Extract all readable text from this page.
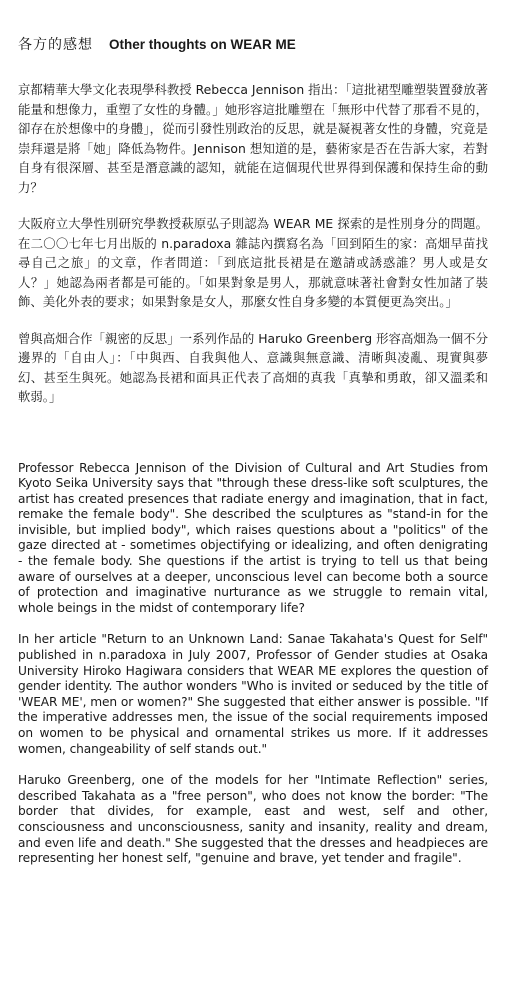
各方的感想 Other thoughts on WEAR ME

京都精華大學文化表現學科教授 Rebecca Jennison 指出：「這批裙型雕塑裝置發放著能量和想像力，重塑了女性的身體。」她形容這批雕塑在「無形中代替了那看不見的，卻存在於想像中的身體」，從而引發性別政治的反思，就是凝視著女性的身體，究竟是崇拜還是將「她」降低為物件。Jennison 想知道的是，藝術家是否在告訴大家，若對自身有很深層、甚至是潛意識的認知，就能在這個現代世界得到保護和保持生命的動力？

大阪府立大學性別研究學教授萩原弘子則認為 WEAR ME 探索的是性別身分的問題。在二〇〇七年七月出版的 n.paradoxa 雜誌內撰寫名為「回到陌生的家：高畑早苗找尋自己之旅」的文章，作者問道：「到底這批長裙是在邀請或誘惑誰？男人或是女人？」她認為兩者都是可能的。「如果對象是男人，那就意味著社會對女性加諸了裝飾、美化外表的要求；如果對象是女人，那麼女性自身多變的本質便更為突出。」

曾與高畑合作「親密的反思」一系列作品的 Haruko Greenberg 形容高畑為一個不分邊界的「自由人」：「中與西、自我與他人、意識與無意識、清晰與凌亂、現實與夢幻、甚至生與死。她認為長裙和面具正代表了高畑的真我「真摯和勇敢，卻又溫柔和軟弱。」

Professor Rebecca Jennison of the Division of Cultural and Art Studies from Kyoto Seika University says that "through these dress-like soft sculptures, the artist has created presences that radiate energy and imagination, that in fact, remake the female body". She described the sculptures as "stand-in for the invisible, but implied body", which raises questions about a "politics" of the gaze directed at - sometimes objectifying or idealizing, and often denigrating - the female body. She questions if the artist is trying to tell us that being aware of ourselves at a deeper, unconscious level can become both a source of protection and imaginative nurturance as we struggle to remain vital, whole beings in the midst of contemporary life?

In her article "Return to an Unknown Land: Sanae Takahata's Quest for Self" published in n.paradoxa in July 2007, Professor of Gender studies at Osaka University Hiroko Hagiwara considers that WEAR ME explores the question of gender identity. The author wonders "Who is invited or seduced by the title of 'WEAR ME', men or women?" She suggested that either answer is possible. "If the imperative addresses men, the issue of the social requirements imposed on women to be physical and ornamental strikes us more. If it addresses women, changeability of self stands out."

Haruko Greenberg, one of the models for her "Intimate Reflection" series, described Takahata as a "free person", who does not know the border: "The border that divides, for example, east and west, self and other, consciousness and unconsciousness, sanity and insanity, reality and dream, and even life and death." She suggested that the dresses and headpieces are representing her honest self, "genuine and brave, yet tender and fragile".
